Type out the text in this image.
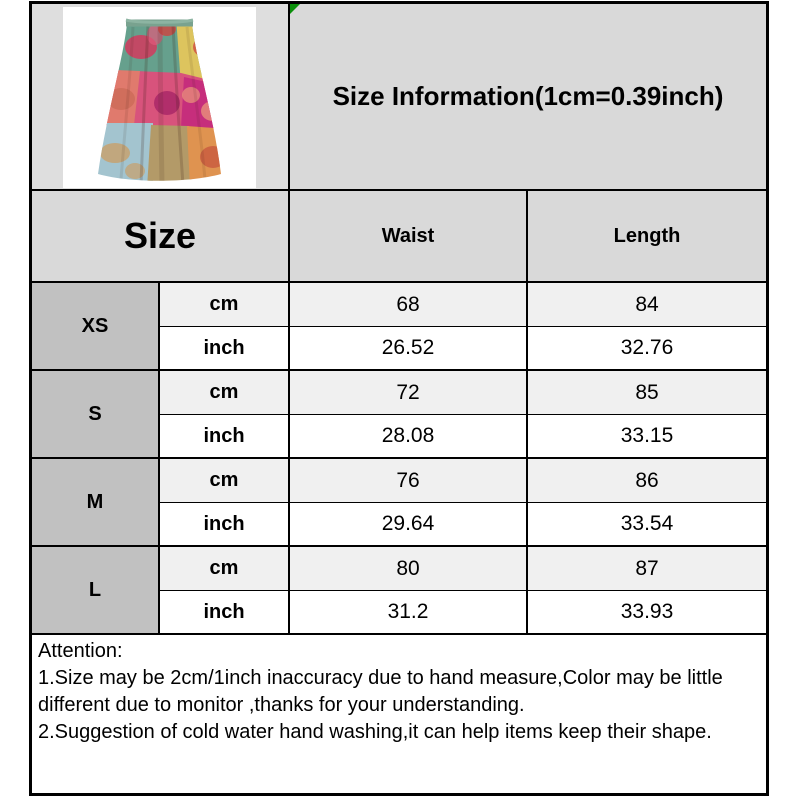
Size Information(1cm=0.39inch)
Size	Waist	Length
XS
cm	68	84
inch	26.52	32.76
S
cm	72	85
inch	28.08	33.15
M
cm	76	86
inch	29.64	33.54
L
cm	80	87
inch	31.2	33.93

Attention:

1.Size may be 2cm/1inch inaccuracy due to hand measure,Color may be little different due to monitor ,thanks for your understanding.

2.Suggestion of cold water hand washing,it can help items keep their shape.
